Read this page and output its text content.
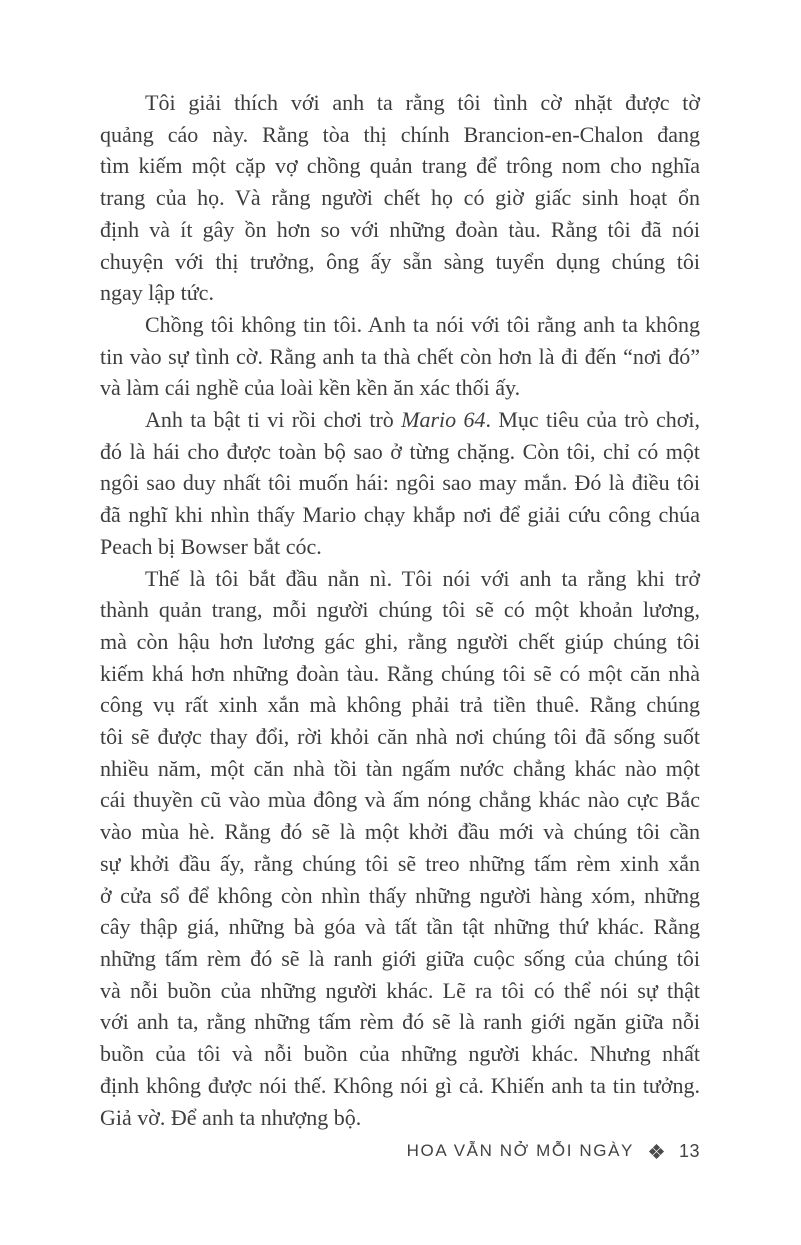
Tôi giải thích với anh ta rằng tôi tình cờ nhặt được tờ
quảng cáo này. Rằng tòa thị chính Brancion-en-Chalon đang
tìm kiếm một cặp vợ chồng quản trang để trông nom cho nghĩa
trang của họ. Và rằng người chết họ có giờ giấc sinh hoạt ổn
định và ít gây ồn hơn so với những đoàn tàu. Rằng tôi đã nói
chuyện với thị trưởng, ông ấy sẵn sàng tuyển dụng chúng tôi
ngay lập tức.
Chồng tôi không tin tôi. Anh ta nói với tôi rằng anh ta không
tin vào sự tình cờ. Rằng anh ta thà chết còn hơn là đi đến “nơi đó”
và làm cái nghề của loài kền kền ăn xác thối ấy.
Anh ta bật ti vi rồi chơi trò Mario 64. Mục tiêu của trò chơi,
đó là hái cho được toàn bộ sao ở từng chặng. Còn tôi, chỉ có một
ngôi sao duy nhất tôi muốn hái: ngôi sao may mắn. Đó là điều tôi
đã nghĩ khi nhìn thấy Mario chạy khắp nơi để giải cứu công chúa
Peach bị Bowser bắt cóc.
Thế là tôi bắt đầu nằn nì. Tôi nói với anh ta rằng khi trở
thành quản trang, mỗi người chúng tôi sẽ có một khoản lương,
mà còn hậu hơn lương gác ghi, rằng người chết giúp chúng tôi
kiếm khá hơn những đoàn tàu. Rằng chúng tôi sẽ có một căn nhà
công vụ rất xinh xắn mà không phải trả tiền thuê. Rằng chúng
tôi sẽ được thay đổi, rời khỏi căn nhà nơi chúng tôi đã sống suốt
nhiều năm, một căn nhà tồi tàn ngấm nước chẳng khác nào một
cái thuyền cũ vào mùa đông và ấm nóng chẳng khác nào cực Bắc
vào mùa hè. Rằng đó sẽ là một khởi đầu mới và chúng tôi cần
sự khởi đầu ấy, rằng chúng tôi sẽ treo những tấm rèm xinh xắn
ở cửa sổ để không còn nhìn thấy những người hàng xóm, những
cây thập giá, những bà góa và tất tần tật những thứ khác. Rằng
những tấm rèm đó sẽ là ranh giới giữa cuộc sống của chúng tôi
và nỗi buồn của những người khác. Lẽ ra tôi có thể nói sự thật
với anh ta, rằng những tấm rèm đó sẽ là ranh giới ngăn giữa nỗi
buồn của tôi và nỗi buồn của những người khác. Nhưng nhất
định không được nói thế. Không nói gì cả. Khiến anh ta tin tưởng.
Giả vờ. Để anh ta nhượng bộ.
HOA VẪN NỞ MỖI NGÀY	13
